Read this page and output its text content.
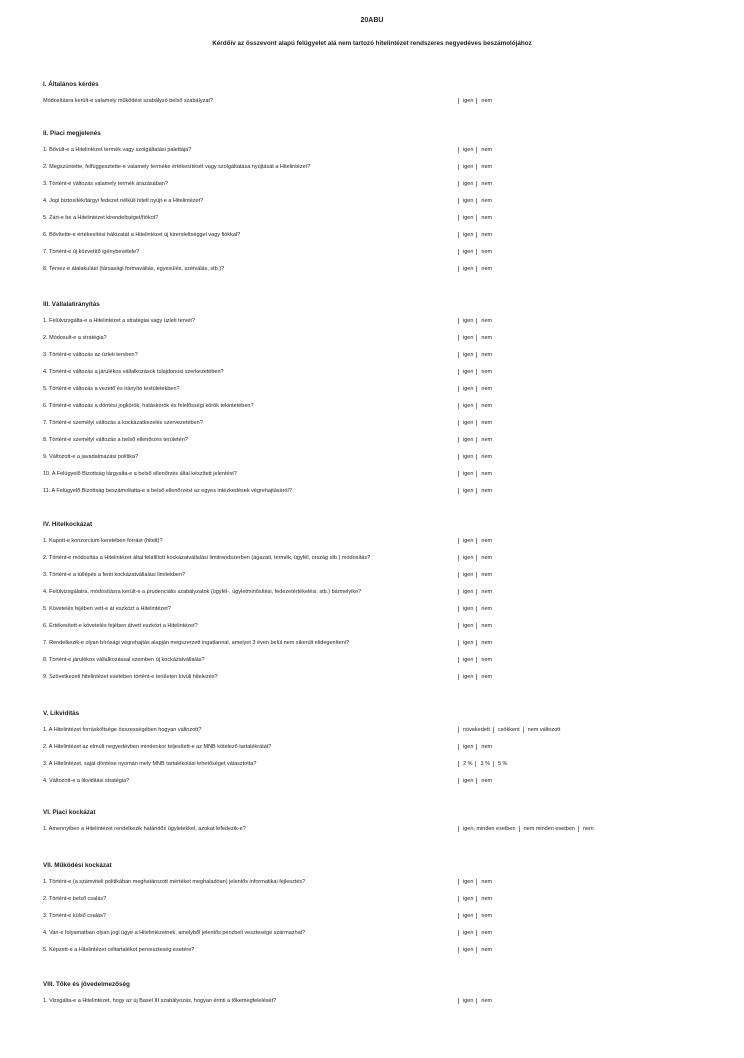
20ABU
Kérdőív az összevont alapú felügyelet alá nem tartozó hitelintézet rendszeres negyedéves beszámolójához
I. Általános kérdés
Módosításra került-e valamely működést szabályzó belső szabályzat?	igen nem
II. Piaci megjelenés
1. Bővült-e a Hitelintézet termék vagy szolgáltatási palettája?	igen nem
2. Megszüntette, felfüggesztette-e valamely terméke értékesítését vagy szolgáltatása nyújtását a Hitelintézet?	igen nem
3. Történt-e változás valamely termék árazásában?	igen nem
4. Jogi biztosíték/tárgyi fedezet nélküli hitelt nyújt-e a Hitelintézet?	igen nem
5. Zárt-e be a Hitelintézet kirendeltséget/fiókot?	igen nem
6. Bővítette-e értékesítési hálózatát a Hitelintézet új kirendeltséggel vagy fiókkal?	igen nem
7. Történt-e új közvetítő igénybevétele?	igen nem
8. Tervez-e átalakulást (társasági formaváltás, egyesülés, szétválás, stb.)?	igen nem
III. Vállalatirányítás
1. Felülvizsgálta-e a Hitelintézet a stratégiai vagy üzleti tervét?	igen nem
2. Módosult-e a stratégia?	igen nem
3. Történt-e változás az üzleti tervben?	igen nem
4. Történt-e változás a járulékos vállalkozások tulajdonosi szerkezetében?	igen nem
5. Történt-e változás a vezető és irányító testületekben?	igen nem
6. Történt-e változás a döntési jogkörök, hatáskörök és felelősségi körök tekintetében?	igen nem
7. Történt-e személyi változás a kockázatkezelés szervezetében?	igen nem
8. Történt-e személyi változás a belső ellenőrzés területén?	igen nem
9. Változott-e a javadalmazási politika?	igen nem
10. A Felügyelő Bizottság tárgyalta-e a belső ellenőrzés által készített jelentést?	igen nem
11. A Felügyelő Bizottság beszámoltatta-e a belső ellenőrzést az egyes intézkedések végrehajtásáról?	igen nem
IV. Hitelkockázat
1. Kapott-e konzorcium keretében forrást (hitelt)?	igen nem
2. Történt-e módosítás a Hitelintézet által felállított kockázatvállalási limitrendszerben (ágazati, termék, ügyfél, ország stb.) módosítás?	igen nem
3. Történt-e a túllépés a fenti kockázatvállalási limitekben?	igen nem
4. Felülvizsgálatra, módosításra került-e a prudenciális szabályzatok (ügyfél-, ügyletminősítési, fedezetértékelési, stb.) bármelyike?	igen nem
5. Követelés fejében vett-e át eszközt a Hitelintézet?	igen nem
6. Értékesített-e követelés fejében átvett eszközt a Hitelintézet?	igen nem
7. Rendelkezik-e olyan bírósági végrehajtás alapján megszerzett ingatlannal, amelyet 3 éven belül nem sikerült elidegeníteni?	igen nem
8. Történt-e járulékos vállalkozással szemben új kockázatvállalás?	igen nem
9. Szövetkezeti hitelintézet esetében történt-e területen kívüli hitelezés?	igen nem
V. Likviditás
1. A Hitelintézet forrásköltsége összességében hogyan változott?	növekedett csökkent nem változott
2. A Hitelintézet az elmúlt negyedévben mindenkor teljesített-e az MNB kötelező tartalékrátát?	igen nem
3. A Hitelintézet, saját döntése nyomán mely MNB tartalékolási lehetőséget választotta?	2 % 3 % 5 %
4. Változott-e a likviditási stratégia?	igen nem
VI. Piaci kockázat
1. Amennyiben a Hitelintézet rendelkezik határidős ügyletekkel, azokat lefedezik-e?	igen, minden esetben nem minden esetben nem
VII. Működési kockázat
1. Történt-e (a számviteli politikában meghatározott mértéket meghaladóan) jelentős informatikai fejlesztés?	igen nem
2. Történt-e belső csalás?	igen nem
3. Történt-e külső csalás?	igen nem
4. Van-e folyamatban olyan jogi ügye a Hitelintézetnek, amelyből jelentős pénzbeli vesztesége származhat?	igen nem
5. Képzett-e a Hitelintézet céltartalékot perveszteség esetére?	igen nem
VIII. Tőke és jövedelmezőség
1. Vizsgálta-e a Hitelintézet, hogy az új Basel III szabályozás, hogyan érinti a tőkemegfelelését?	igen nem
